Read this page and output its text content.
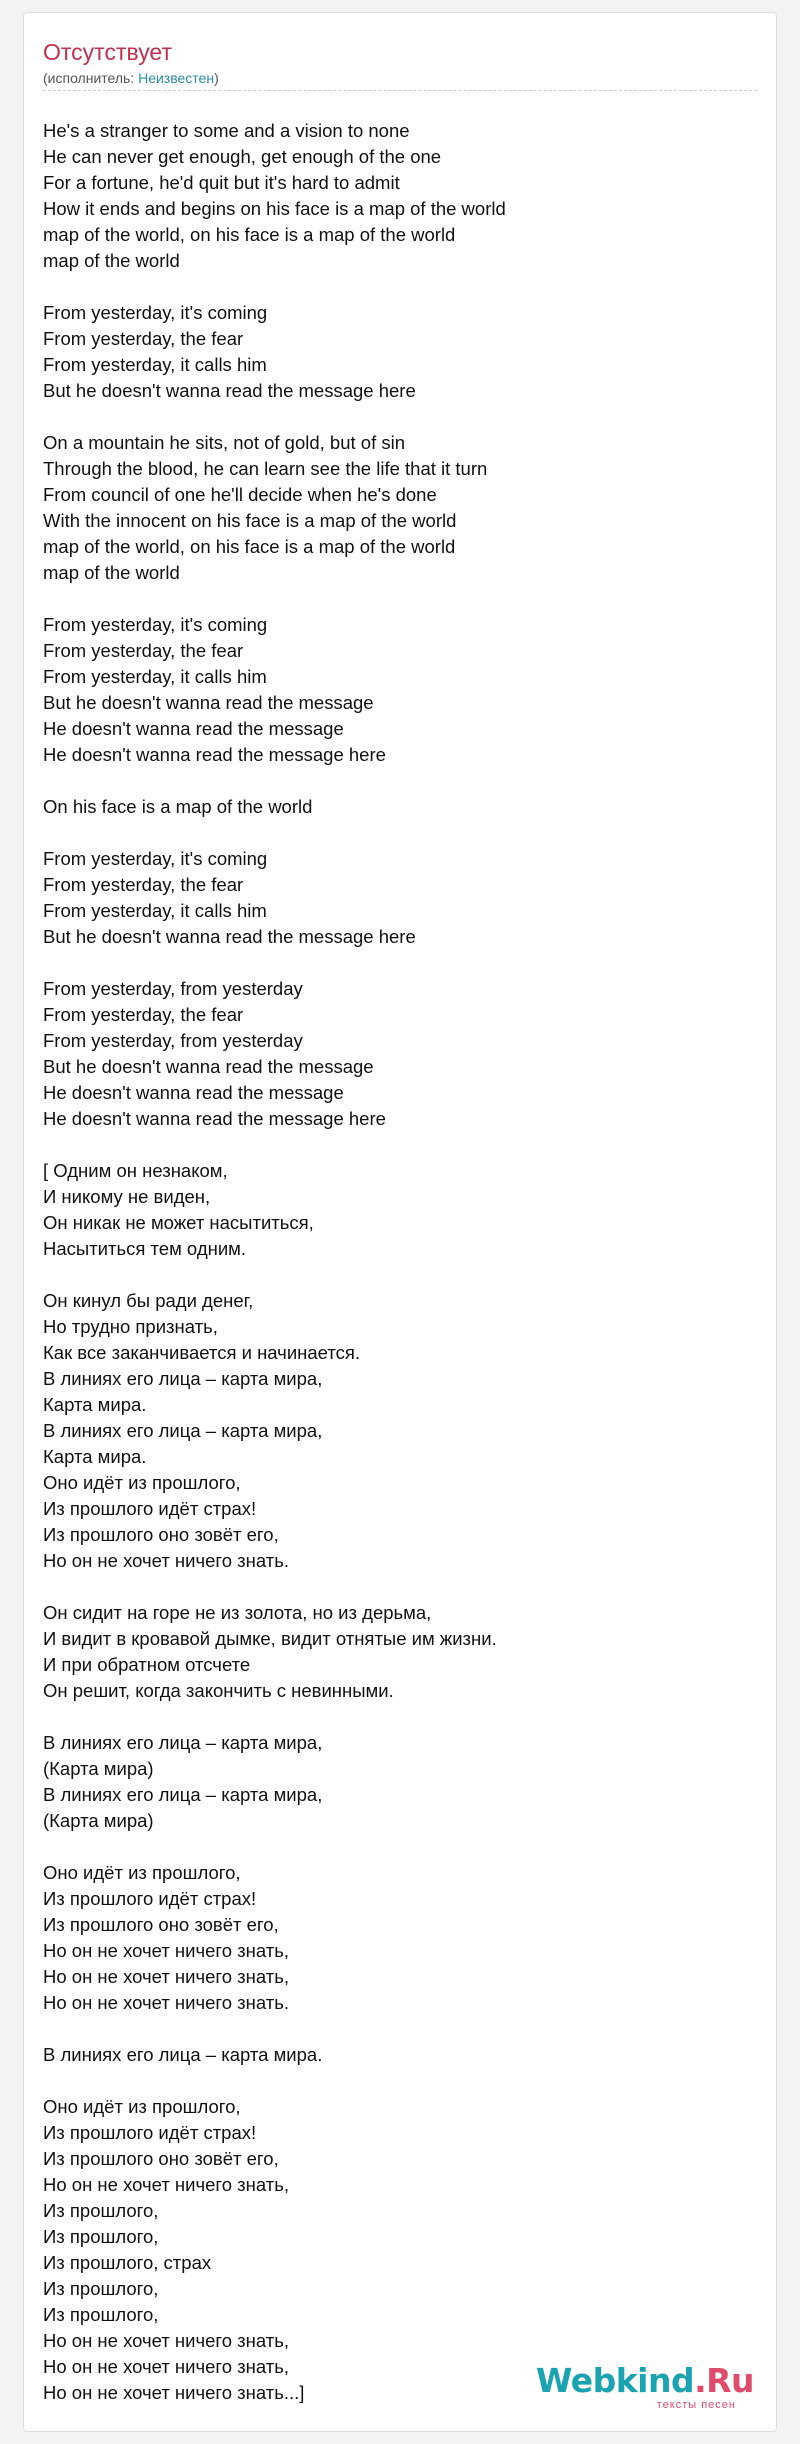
Отсутствует
(исполнитель: Неизвестен)
He's a stranger to some and a vision to none
He can never get enough, get enough of the one
For a fortune, he'd quit but it's hard to admit
How it ends and begins on his face is a map of the world
map of the world, on his face is a map of the world
map of the world
From yesterday, it's coming
From yesterday, the fear
From yesterday, it calls him
But he doesn't wanna read the message here
On a mountain he sits, not of gold, but of sin
Through the blood, he can learn see the life that it turn
From council of one he'll decide when he's done
With the innocent on his face is a map of the world
map of the world, on his face is a map of the world
map of the world
From yesterday, it's coming
From yesterday, the fear
From yesterday, it calls him
But he doesn't wanna read the message
He doesn't wanna read the message
He doesn't wanna read the message here
On his face is a map of the world
From yesterday, it's coming
From yesterday, the fear
From yesterday, it calls him
But he doesn't wanna read the message here
From yesterday, from yesterday
From yesterday, the fear
From yesterday, from yesterday
But he doesn't wanna read the message
He doesn't wanna read the message
He doesn't wanna read the message here
[ Одним он незнаком,
И никому не виден,
Он никак не может насытиться,
Насытиться тем одним.
Он кинул бы ради денег,
Но трудно признать,
Как все заканчивается и начинается.
В линиях его лица – карта мира,
Карта мира.
В линиях его лица – карта мира,
Карта мира.
Оно идёт из прошлого,
Из прошлого идёт страх!
Из прошлого оно зовёт его,
Но он не хочет ничего знать.
Он сидит на горе не из золота, но из дерьма,
И видит в кровавой дымке, видит отнятые им жизни.
И при обратном отсчете
Он решит, когда закончить с невинными.
В линиях его лица – карта мира,
(Карта мира)
В линиях его лица – карта мира,
(Карта мира)
Оно идёт из прошлого,
Из прошлого идёт страх!
Из прошлого оно зовёт его,
Но он не хочет ничего знать,
Но он не хочет ничего знать,
Но он не хочет ничего знать.
В линиях его лица – карта мира.
Оно идёт из прошлого,
Из прошлого идёт страх!
Из прошлого оно зовёт его,
Но он не хочет ничего знать,
Из прошлого,
Из прошлого,
Из прошлого, страх
Из прошлого,
Из прошлого,
Но он не хочет ничего знать,
Но он не хочет ничего знать,
Но он не хочет ничего знать...]	Webkind.Ru
тексты песен
